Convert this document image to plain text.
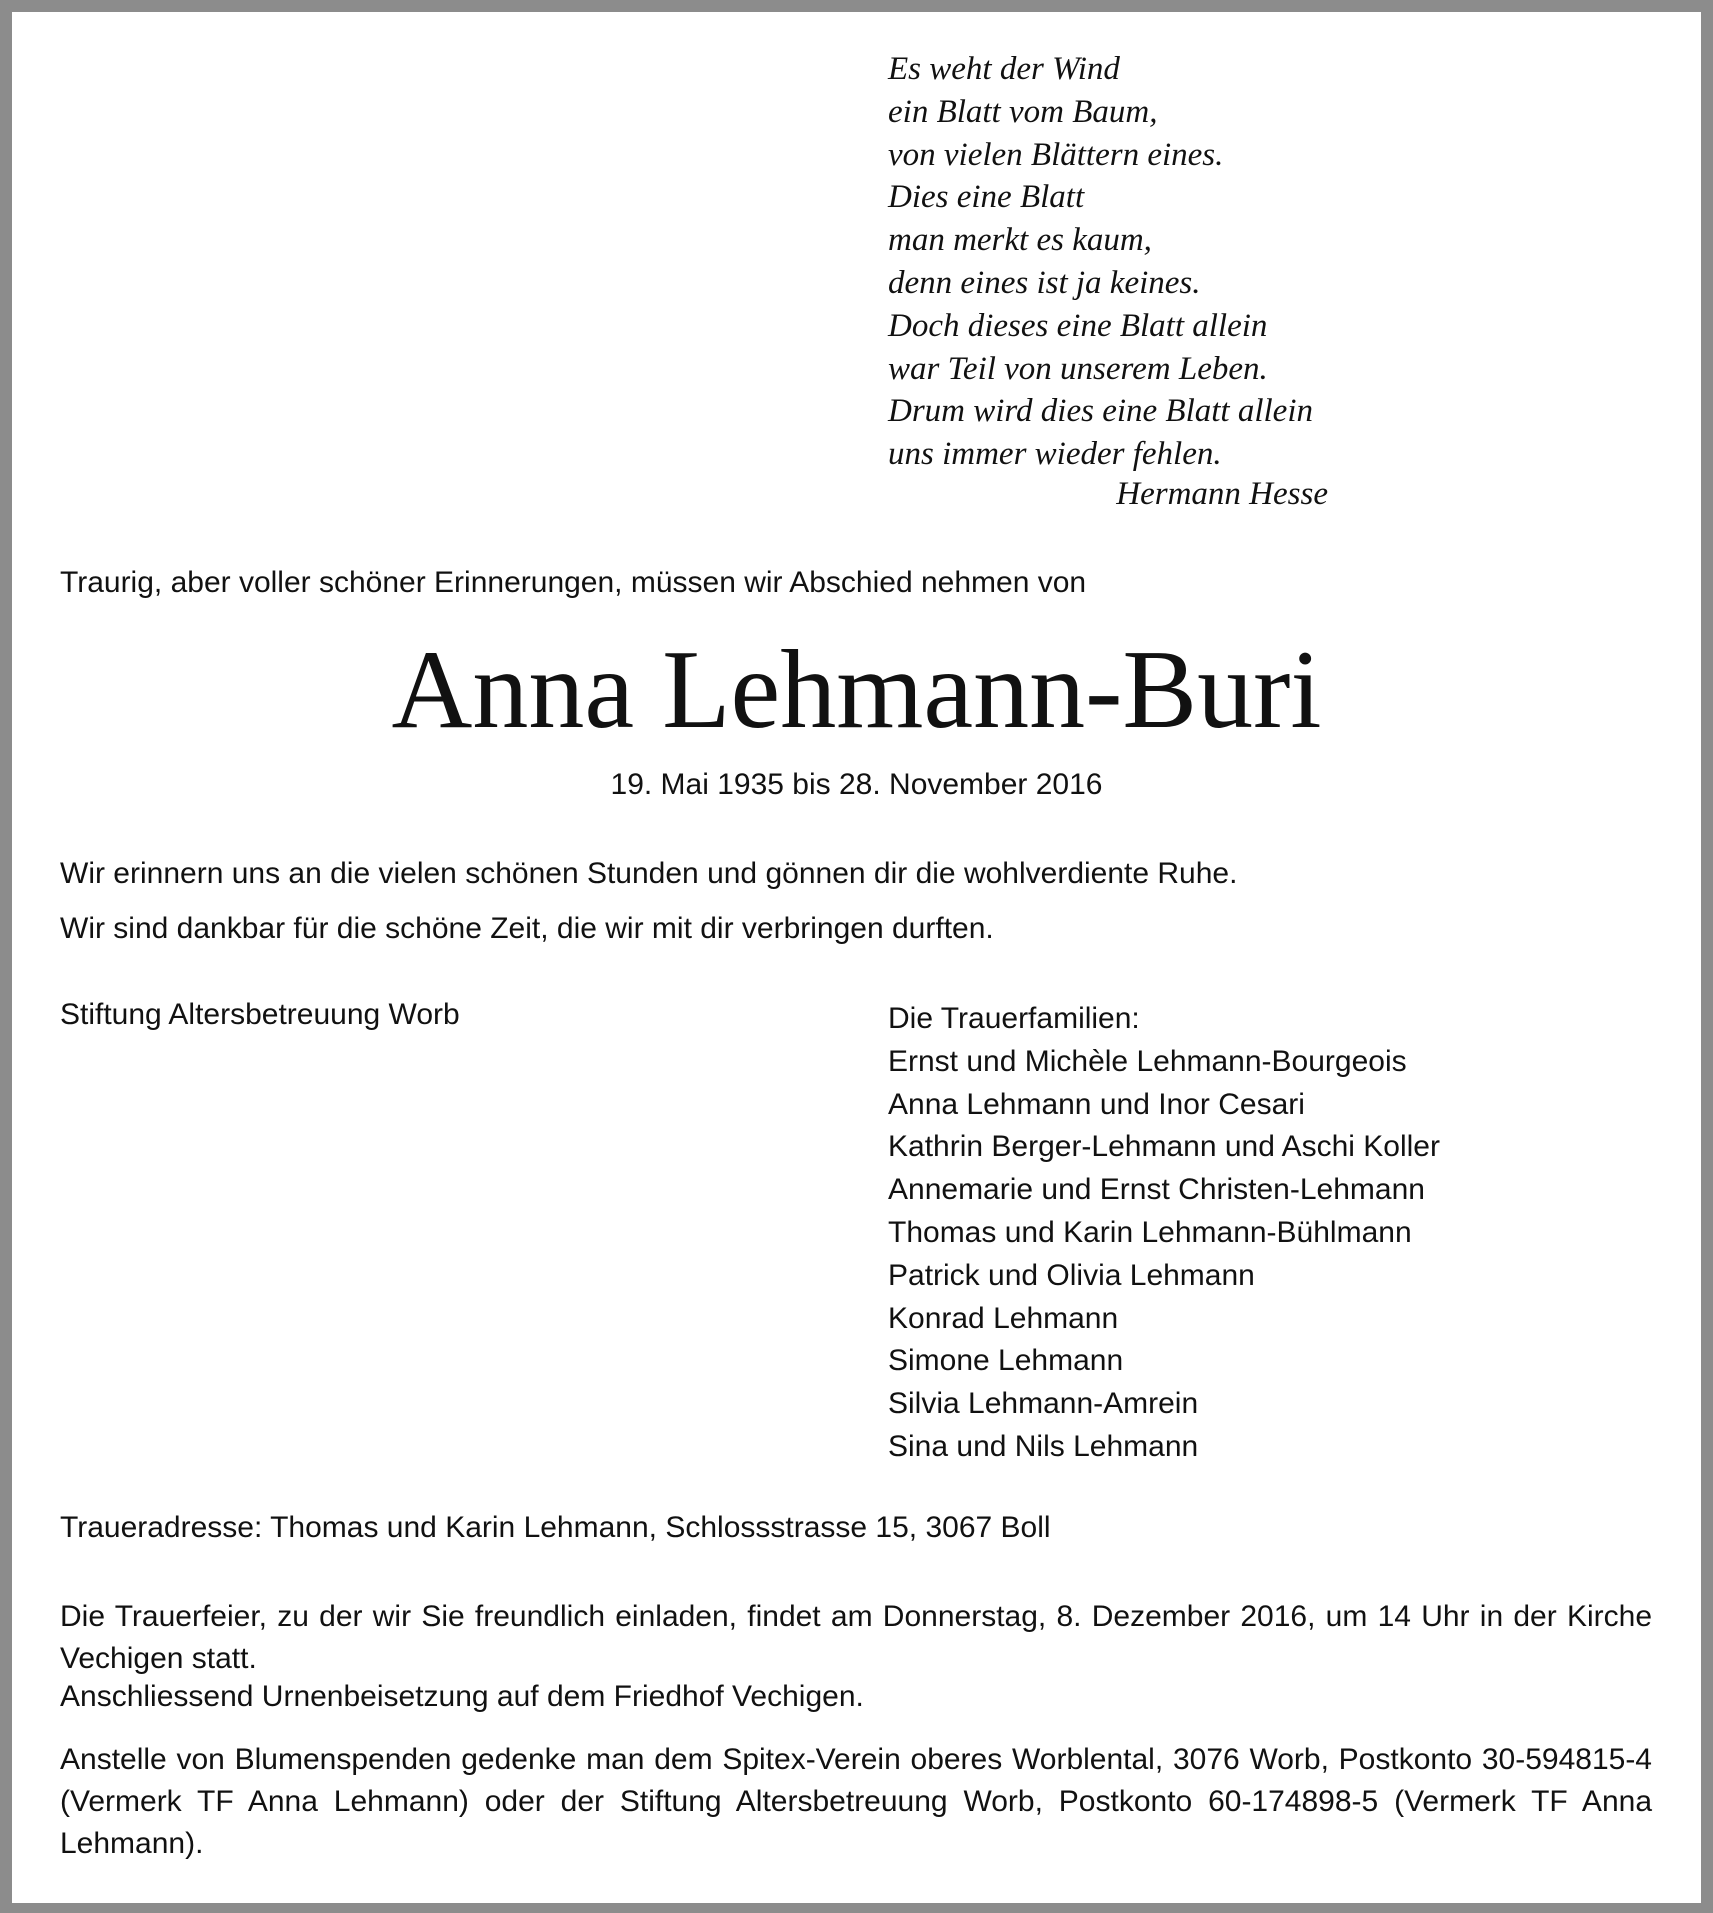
Es weht der Wind
ein Blatt vom Baum,
von vielen Blättern eines.
Dies eine Blatt
man merkt es kaum,
denn eines ist ja keines.
Doch dieses eine Blatt allein
war Teil von unserem Leben.
Drum wird dies eine Blatt allein
uns immer wieder fehlen.
Hermann Hesse
Traurig, aber voller schöner Erinnerungen, müssen wir Abschied nehmen von
Anna Lehmann-Buri
19. Mai 1935 bis 28. November 2016
Wir erinnern uns an die vielen schönen Stunden und gönnen dir die wohlverdiente Ruhe.
Wir sind dankbar für die schöne Zeit, die wir mit dir verbringen durften.
Stiftung Altersbetreuung Worb	Die Trauerfamilien:
Ernst und Michèle Lehmann-Bourgeois
Anna Lehmann und Inor Cesari
Kathrin Berger-Lehmann und Aschi Koller
Annemarie und Ernst Christen-Lehmann
Thomas und Karin Lehmann-Bühlmann
Patrick und Olivia Lehmann
Konrad Lehmann
Simone Lehmann
Silvia Lehmann-Amrein
Sina und Nils Lehmann
Traueradresse: Thomas und Karin Lehmann, Schlossstrasse 15, 3067 Boll
Die Trauerfeier, zu der wir Sie freundlich einladen, findet am Donnerstag, 8. Dezember 2016, um 14 Uhr in der Kirche Vechigen statt.
Anschliessend Urnenbeisetzung auf dem Friedhof Vechigen.
Anstelle von Blumenspenden gedenke man dem Spitex-Verein oberes Worblental, 3076 Worb, Postkonto 30-594815-4 (Vermerk TF Anna Lehmann) oder der Stiftung Altersbetreuung Worb, Postkonto 60-174898-5 (Vermerk TF Anna Lehmann).
